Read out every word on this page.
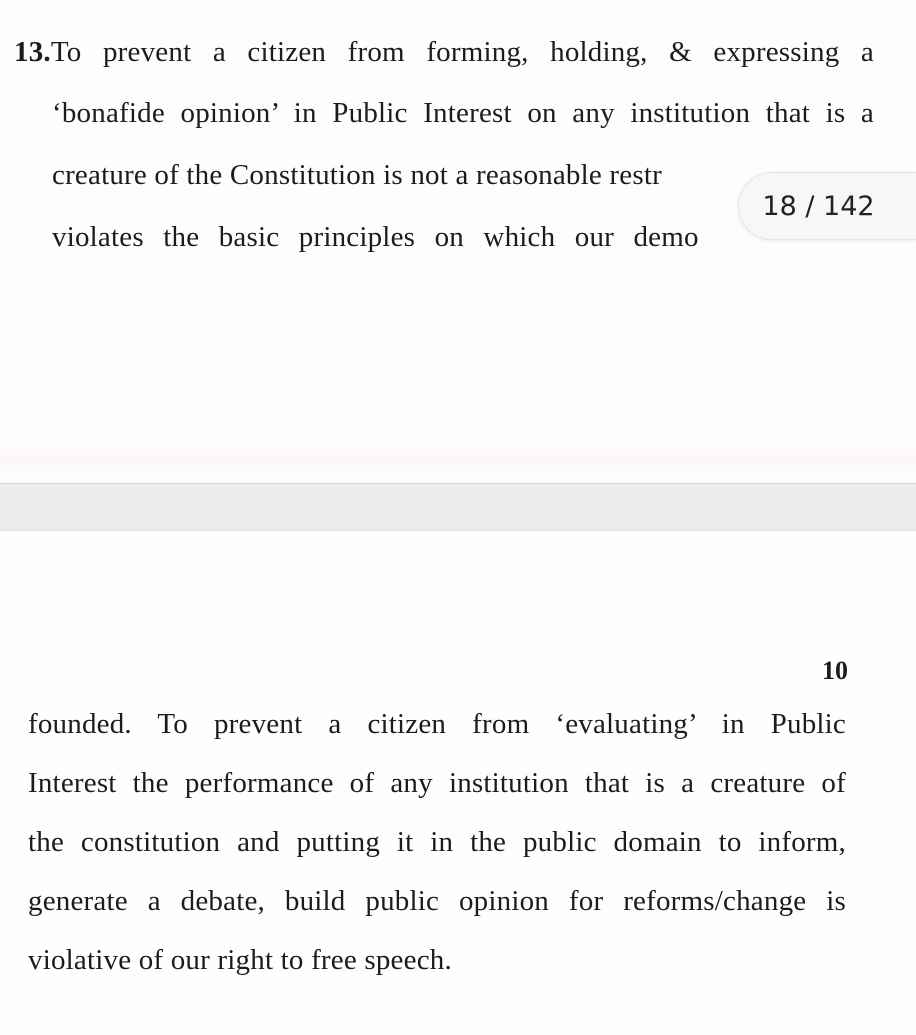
13.To prevent a citizen from forming, holding, & expressing a
‘bonafide opinion’ in Public Interest on any institution that is a
creature of the Constitution is not a reasonable restr
violates the basic principles on which our demo
10
founded. To prevent a citizen from ‘evaluating’ in Public
Interest the performance of any institution that is a creature of
the constitution and putting it in the public domain to inform,
generate a debate, build public opinion for reforms/change is
violative of our right to free speech.
18 / 142
